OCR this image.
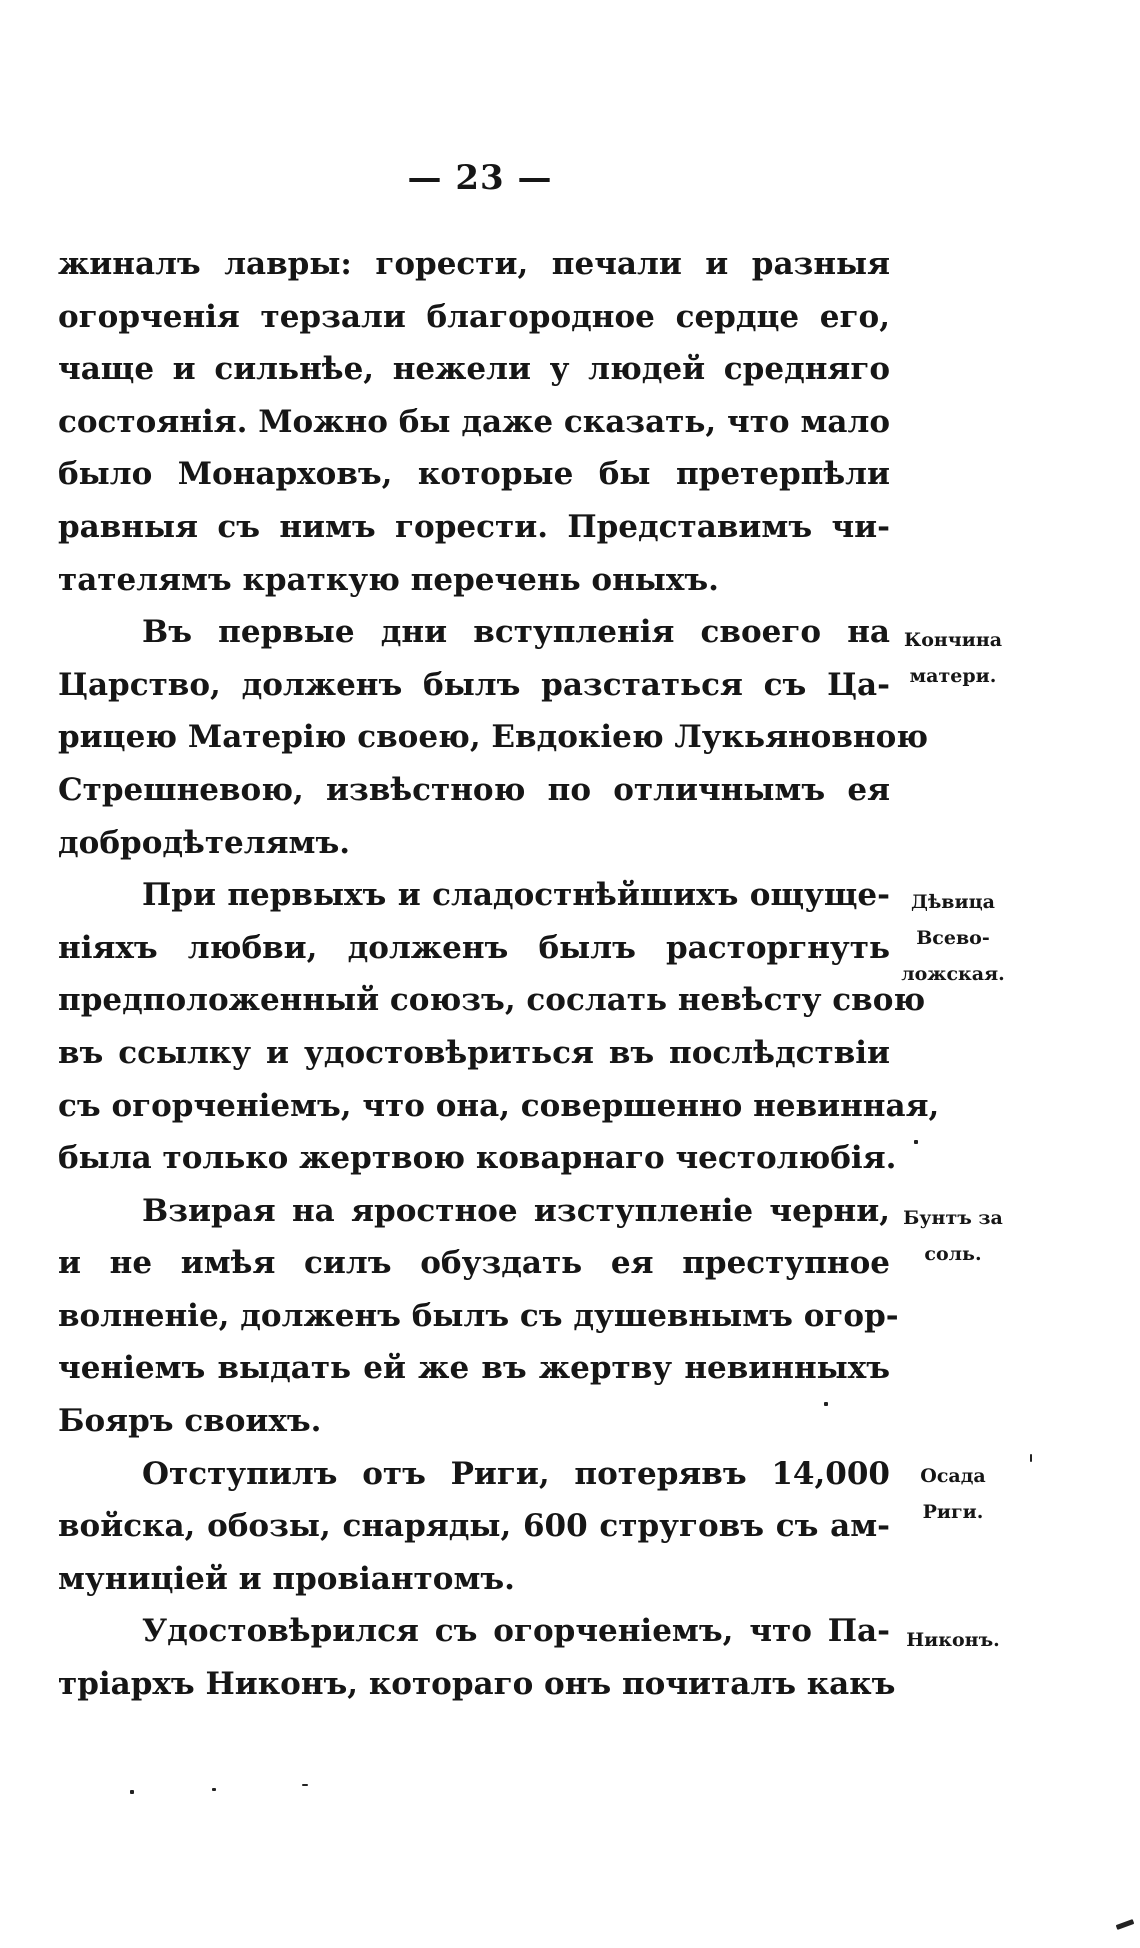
— 23 —
жиналъ лавры: горести, печали и разныя
огорченія терзали благородное сердце его,
чаще и сильнѣе, нежели у людей средняго
состоянія. Можно бы даже сказать, что мало
было Монарховъ, которые бы претерпѣли
равныя съ нимъ горести. Представимъ чи-
тателямъ краткую перечень оныхъ.
Въ первые дни вступленія своего на
Царство, долженъ былъ разстаться съ Ца-
рицею Матерію своею, Евдокіею Лукьяновною
Стрешневою, извѣстною по отличнымъ ея
добродѣтелямъ.
При первыхъ и сладостнѣйшихъ ощуще-
ніяхъ любви, долженъ былъ расторгнуть
предположенный союзъ, сослать невѣсту свою
въ ссылку и удостовѣриться въ послѣдствіи
съ огорченіемъ, что она, совершенно невинная,
была только жертвою коварнаго честолюбія.
Взирая на яростное изступленіе черни,
и не имѣя силъ обуздать ея преступное
волненіе, долженъ былъ съ душевнымъ огор-
ченіемъ выдать ей же въ жертву невинныхъ
Бояръ своихъ.
Отступилъ отъ Риги, потерявъ 14,000
войска, обозы, снаряды, 600 струговъ съ ам-
муниціей и провіантомъ.
Удостовѣрился съ огорченіемъ, что Па-
тріархъ Никонъ, котораго онъ почиталъ какъ
Кончина
матери.
Дѣвица
Всево-
ложская.
Бунтъ за
соль.
Осада
Риги.
Никонъ.
